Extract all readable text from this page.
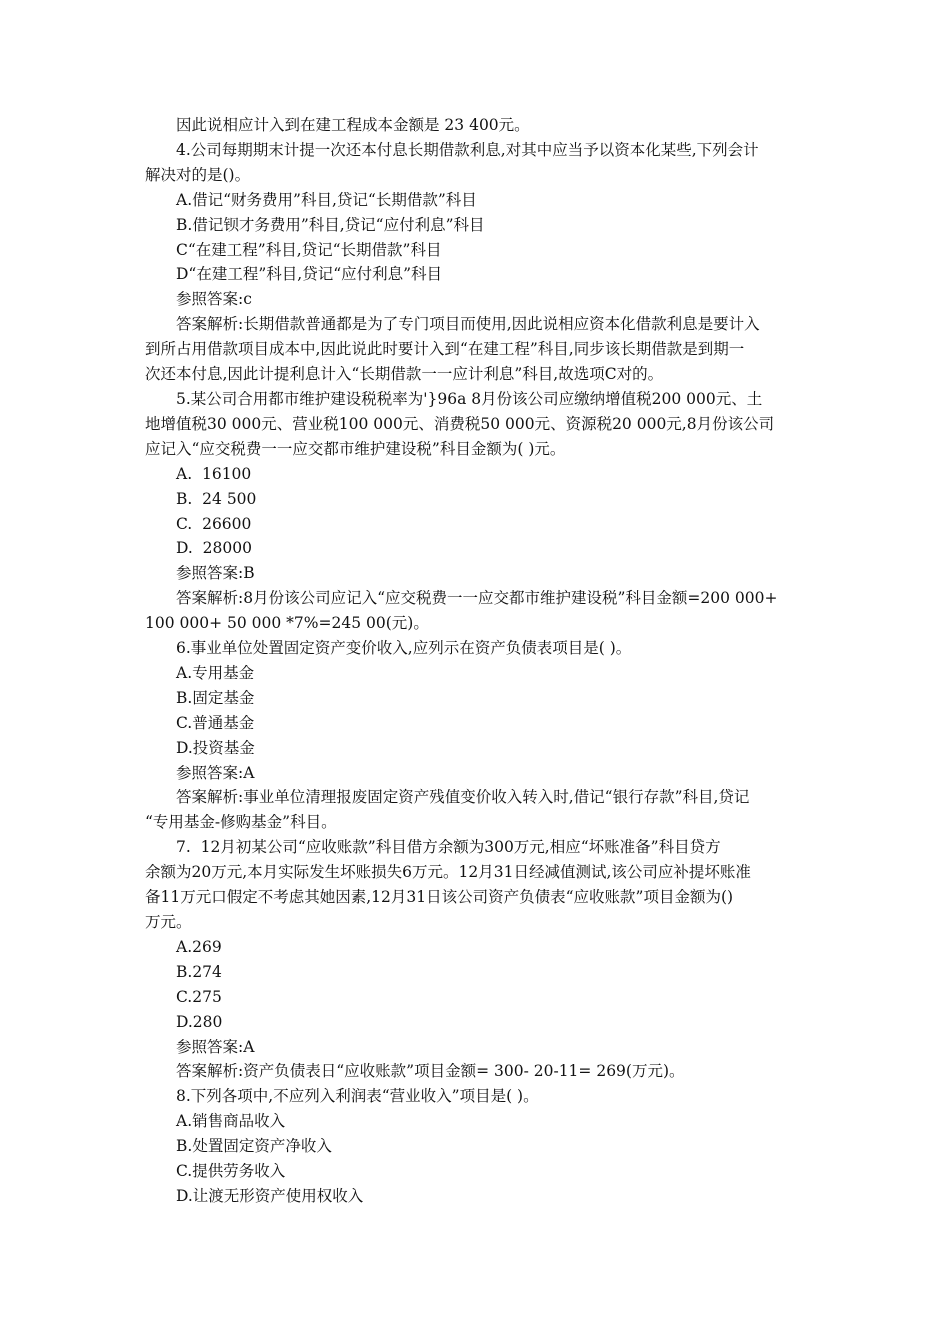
因此说相应计入到在建工程成本金额是 23 400元。

4.公司每期期末计提一次还本付息长期借款利息,对其中应当予以资本化某些,下列会计

解决对的是()。

A.借记“财务费用”科目,贷记“长期借款”科目

B.借记钡才务费用”科目,贷记“应付利息”科目

C“在建工程”科目,贷记“长期借款”科目

D“在建工程”科目,贷记“应付利息”科目

参照答案:c

答案解析:长期借款普通都是为了专门项目而使用,因此说相应资本化借款利息是要计入

到所占用借款项目成本中,因此说此时要计入到“在建工程”科目,同步该长期借款是到期一

次还本付息,因此计提利息计入“长期借款一一应计利息”科目,故选项C对的。

5.某公司合用都市维护建设税税率为'}96a 8月份该公司应缴纳增值税200 000元、土

地增值税30 000元、营业税100 000元、消费税50 000元、资源税20 000元,8月份该公司

应记入“应交税费一一应交都市维护建设税”科目金额为( )元。

A.  16100

B.  24 500

C.  26600

D.  28000

参照答案:B

答案解析:8月份该公司应记入“应交税费一一应交都市维护建设税”科目金额=200 000+

100 000+ 50 000 *7%=245 00(元)。

6.事业单位处置固定资产变价收入,应列示在资产负债表项目是( )。

A.专用基金

B.固定基金

C.普通基金

D.投资基金

参照答案:A

答案解析:事业单位清理报废固定资产残值变价收入转入时,借记“银行存款”科目,贷记

“专用基金-修购基金”科目。

7.  12月初某公司“应收账款”科目借方余额为300万元,相应“坏账准备”科目贷方

余额为20万元,本月实际发生坏账损失6万元。12月31日经减值测试,该公司应补提坏账准

备11万元口假定不考虑其她因素,12月31日该公司资产负债表“应收账款”项目金额为()

万元。

A.269

B.274

C.275

D.280

参照答案:A

答案解析:资产负债表日“应收账款”项目金额= 300- 20-11= 269(万元)。

8.下列各项中,不应列入利润表“营业收入”项目是( )。

A.销售商品收入

B.处置固定资产净收入

C.提供劳务收入

D.让渡无形资产使用权收入
